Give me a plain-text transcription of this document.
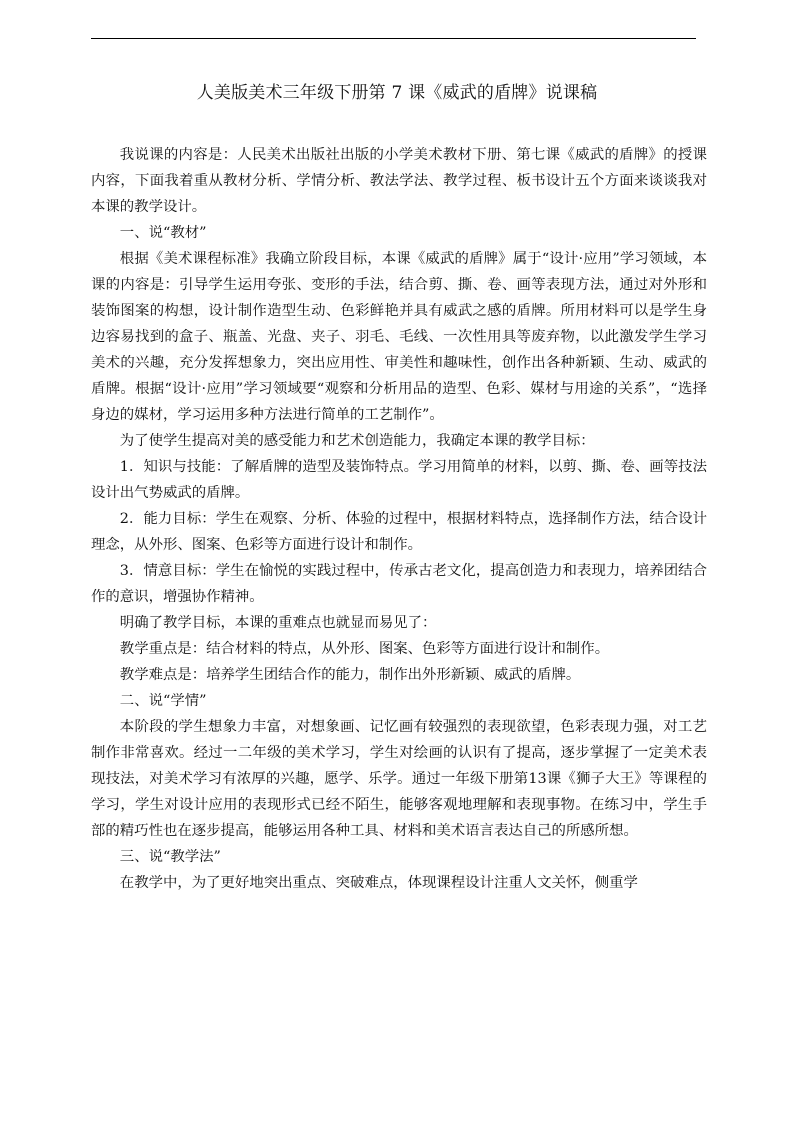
人美版美术三年级下册第 7 课《威武的盾牌》说课稿

我说课的内容是：人民美术出版社出版的小学美术教材下册、第七课《威武的盾牌》的授课内容，下面我着重从教材分析、学情分析、教法学法、教学过程、板书设计五个方面来谈谈我对本课的教学设计。

一、说“教材”

根据《美术课程标准》我确立阶段目标，本课《威武的盾牌》属于“设计·应用”学习领域，本课的内容是：引导学生运用夸张、变形的手法，结合剪、撕、卷、画等表现方法，通过对外形和装饰图案的构想，设计制作造型生动、色彩鲜艳并具有威武之感的盾牌。所用材料可以是学生身边容易找到的盒子、瓶盖、光盘、夹子、羽毛、毛线、一次性用具等废弃物，以此激发学生学习美术的兴趣，充分发挥想象力，突出应用性、审美性和趣味性，创作出各种新颖、生动、威武的盾牌。根据“设计·应用”学习领域要“观察和分析用品的造型、色彩、媒材与用途的关系”，“选择身边的媒材，学习运用多种方法进行简单的工艺制作”。

为了使学生提高对美的感受能力和艺术创造能力，我确定本课的教学目标：

1．知识与技能：了解盾牌的造型及装饰特点。学习用简单的材料，以剪、撕、卷、画等技法设计出气势威武的盾牌。

2．能力目标：学生在观察、分析、体验的过程中，根据材料特点，选择制作方法，结合设计理念，从外形、图案、色彩等方面进行设计和制作。

3．情意目标：学生在愉悦的实践过程中，传承古老文化，提高创造力和表现力，培养团结合作的意识，增强协作精神。

明确了教学目标，本课的重难点也就显而易见了：

教学重点是：结合材料的特点，从外形、图案、色彩等方面进行设计和制作。

教学难点是：培养学生团结合作的能力，制作出外形新颖、威武的盾牌。

二、说“学情”

本阶段的学生想象力丰富，对想象画、记忆画有较强烈的表现欲望，色彩表现力强，对工艺制作非常喜欢。经过一二年级的美术学习，学生对绘画的认识有了提高，逐步掌握了一定美术表现技法，对美术学习有浓厚的兴趣，愿学、乐学。通过一年级下册第13课《狮子大王》等课程的学习，学生对设计应用的表现形式已经不陌生，能够客观地理解和表现事物。在练习中，学生手部的精巧性也在逐步提高，能够运用各种工具、材料和美术语言表达自己的所感所想。

三、说“教学法”

在教学中，为了更好地突出重点、突破难点，体现课程设计注重人文关怀，侧重学
